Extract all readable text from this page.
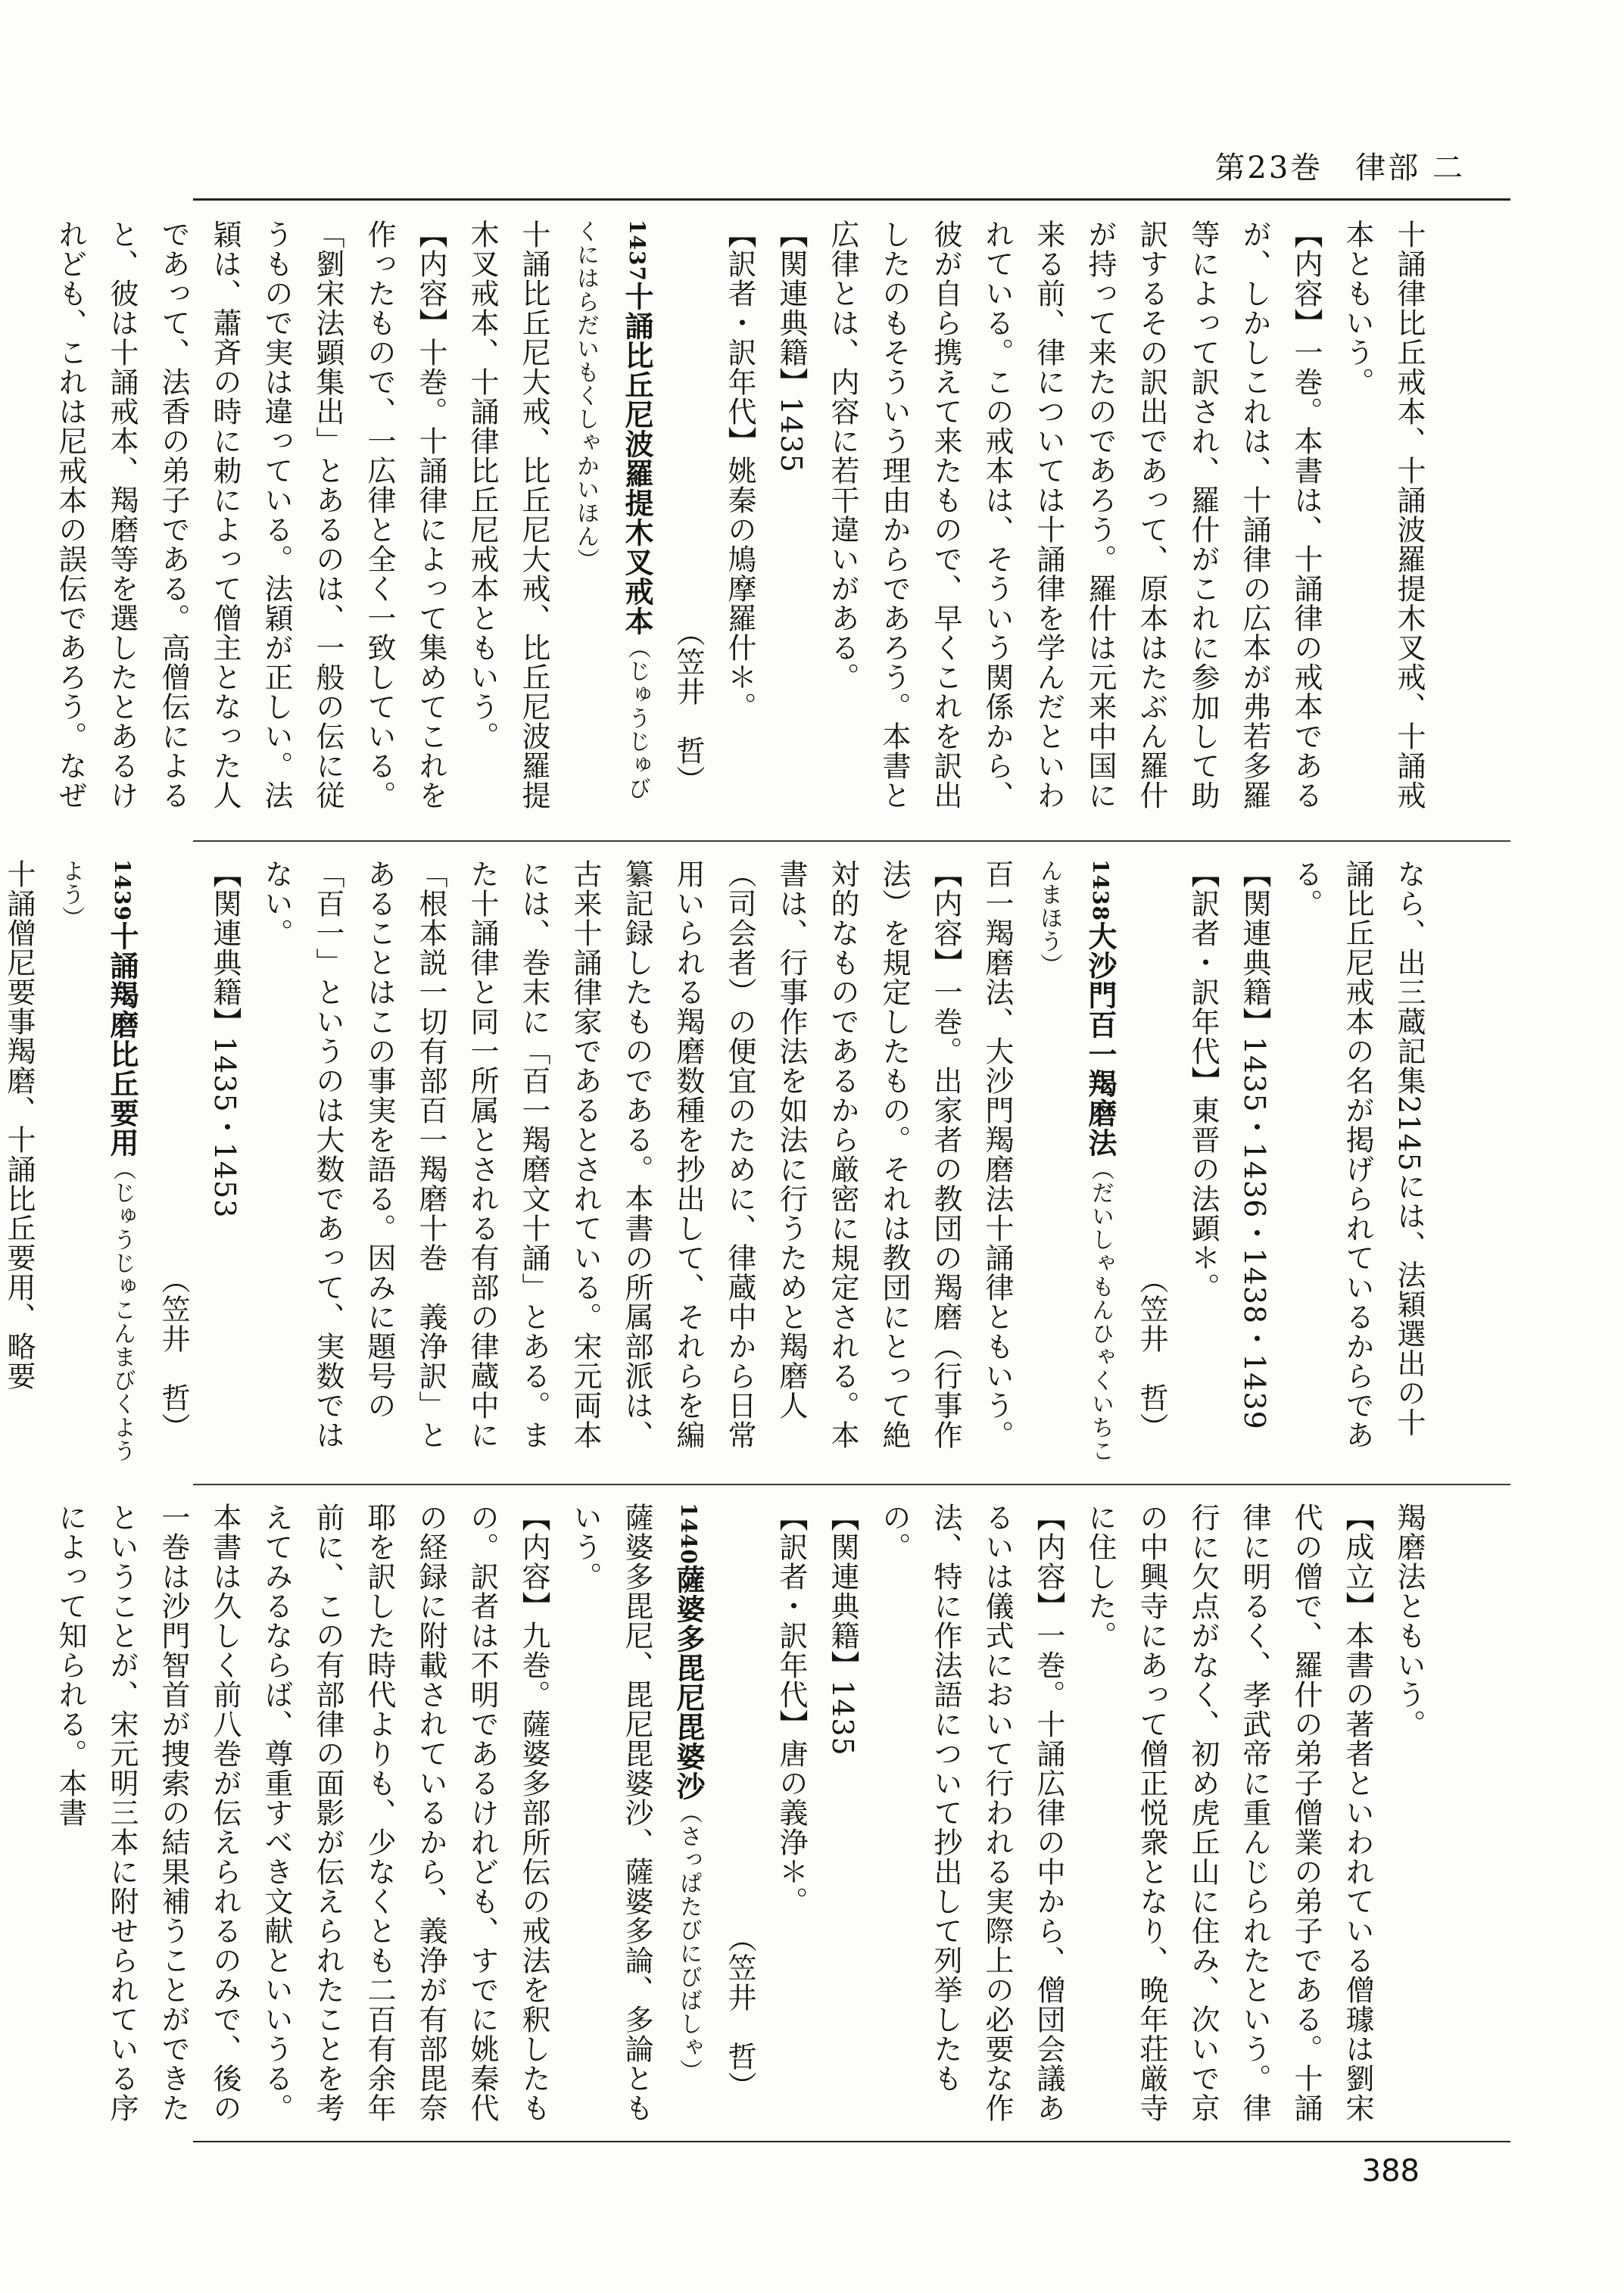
第23巻　律部 二

十誦律比丘戒本、十誦波羅提木叉戒、十誦戒本ともいう。

【内容】一巻。本書は、十誦律の戒本であるが、しかしこれは、十誦律の広本が弗若多羅等によって訳され、羅什がこれに参加して助訳するその訳出であって、原本はたぶん羅什が持って来たのであろう。羅什は元来中国に来る前、律については十誦律を学んだといわれている。この戒本は、そういう関係から、彼が自ら携えて来たもので、早くこれを訳出したのもそういう理由からであろう。本書と広律とは、内容に若干違いがある。

【関連典籍】1435

【訳者・訳年代】姚秦の鳩摩羅什＊。

（笠井　哲）

1437十誦比丘尼波羅提木叉戒本（じゅうじゅびくにはらだいもくしゃかいほん）

十誦比丘尼大戒、比丘尼大戒、比丘尼波羅提木叉戒本、十誦律比丘尼戒本ともいう。

【内容】十巻。十誦律によって集めてこれを作ったもので、一広律と全く一致している。「劉宋法顕集出」とあるのは、一般の伝に従うもので実は違っている。法穎が正しい。法穎は、蕭斉の時に勅によって僧主となった人であって、法香の弟子である。高僧伝によると、彼は十誦戒本、羯磨等を選したとあるけれども、これは尼戒本の誤伝であろう。なぜ

なら、出三蔵記集2145には、法穎選出の十誦比丘尼戒本の名が掲げられているからである。

【関連典籍】1435・1436・1438・1439

【訳者・訳年代】東晋の法顕＊。

（笠井　哲）

1438大沙門百一羯磨法（だいしゃもんひゃくいちこんまほう）

百一羯磨法、大沙門羯磨法十誦律ともいう。

【内容】一巻。出家者の教団の羯磨（行事作法）を規定したもの。それは教団にとって絶対的なものであるから厳密に規定される。本書は、行事作法を如法に行うためと羯磨人（司会者）の便宜のために、律蔵中から日常用いられる羯磨数種を抄出して、それらを編纂記録したものである。本書の所属部派は、古来十誦律家であるとされている。宋元両本には、巻末に「百一羯磨文十誦」とある。また十誦律と同一所属とされる有部の律蔵中に「根本説一切有部百一羯磨十巻　義浄訳」とあることはこの事実を語る。因みに題号の「百一」というのは大数であって、実数ではない。

【関連典籍】1435・1453

（笠井　哲）

1439十誦羯磨比丘要用（じゅうじゅこんまびくようよう）

十誦僧尼要事羯磨、十誦比丘要用、略要

羯磨法ともいう。

【成立】本書の著者といわれている僧璩は劉宋代の僧で、羅什の弟子僧業の弟子である。十誦律に明るく、孝武帝に重んじられたという。律行に欠点がなく、初め虎丘山に住み、次いで京の中興寺にあって僧正悦衆となり、晩年荘厳寺に住した。

【内容】一巻。十誦広律の中から、僧団会議あるいは儀式において行われる実際上の必要な作法、特に作法語について抄出して列挙したもの。

【関連典籍】1435

【訳者・訳年代】唐の義浄＊。

（笠井　哲）

1440薩婆多毘尼毘婆沙（さっぱたびにびばしゃ）

薩婆多毘尼、毘尼毘婆沙、薩婆多論、多論ともいう。

【内容】九巻。薩婆多部所伝の戒法を釈したもの。訳者は不明であるけれども、すでに姚秦代の経録に附載されているから、義浄が有部毘奈耶を訳した時代よりも、少なくとも二百有余年前に、この有部律の面影が伝えられたことを考えてみるならば、尊重すべき文献といいうる。本書は久しく前八巻が伝えられるのみで、後の一巻は沙門智首が捜索の結果補うことができたということが、宋元明三本に附せられている序によって知られる。本書

388
